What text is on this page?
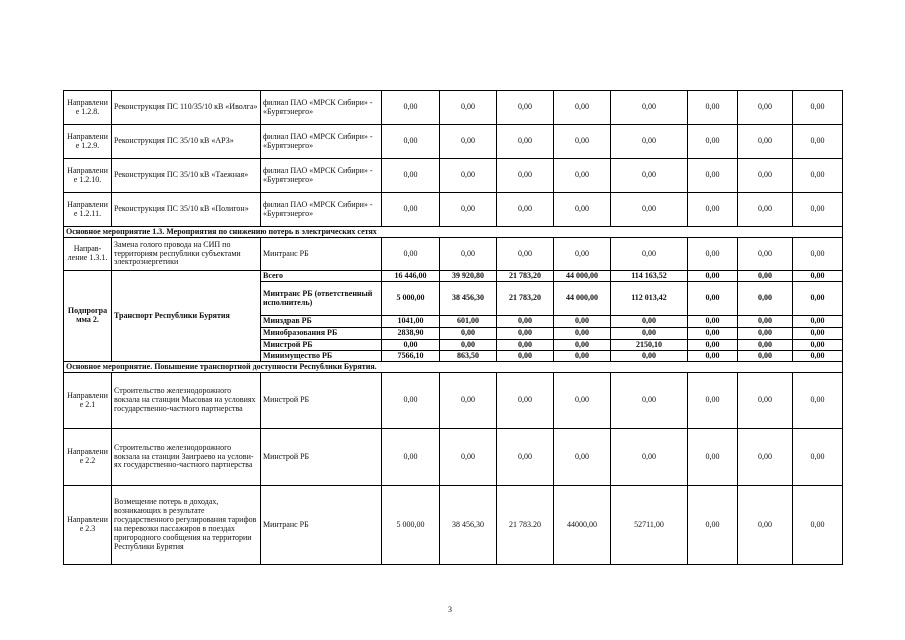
Направлени е 1.2.8.	Реконструкция ПС 110/35/10 кВ «Иволга»	филиал ПАО «МРСК Сибири» - «Бурятэнерго»	0,00	0,00	0,00	0,00	0,00	0,00	0,00	0,00
Направлени е 1.2.9.	Реконструкция ПС 35/10 кВ «АРЗ»	филиал ПАО «МРСК Сибири» - «Бурятэнерго»	0,00	0,00	0,00	0,00	0,00	0,00	0,00	0,00
Направлени е 1.2.10.	Реконструкция ПС 35/10 кВ «Таежная»	филиал ПАО «МРСК Сибири» - «Бурятэнерго»	0,00	0,00	0,00	0,00	0,00	0,00	0,00	0,00
Направлени е 1.2.11.	Реконструкция ПС 35/10 кВ «Полигон»	филиал ПАО «МРСК Сибири» - «Бурятэнерго»	0,00	0,00	0,00	0,00	0,00	0,00	0,00	0,00
Основное мероприятие 1.3. Мероприятия по снижению потерь в электрических сетях										
Направ- ление 1.3.1.	Замена голого провода на СИП по территориям республики субъектами электроэнергетики	Минтранс РБ	0,00	0,00	0,00	0,00	0,00	0,00	0,00	0,00
Подпрогра мма 2.	Транспорт Республики Бурятия	Всего	16 446,00	39 920,80	21 783,20	44 000,00	114 163,52	0,00	0,00	0,00
		Минтранс РБ (ответственный исполнитель)	5 000,00	38 456,30	21 783,20	44 000,00	112 013,42	0,00	0,00	0,00
		Минздрав РБ	1041,00	601,00	0,00	0,00	0,00	0,00	0,00	0,00
		Минобразования РБ	2838,90	0,00	0,00	0,00	0,00	0,00	0,00	0,00
		Минстрой РБ	0,00	0,00	0,00	0,00	2150,10	0,00	0,00	0,00
		Минимущество РБ	7566,10	863,50	0,00	0,00	0,00	0,00	0,00	0,00
Основное мероприятие. Повышение транспортной доступности Республики Бурятия.										
Направлени е 2.1	Строительство железнодорожного вокзала на станции Мысовая на условиях государственно-частного партнерства	Минстрой РБ	0,00	0,00	0,00	0,00	0,00	0,00	0,00	0,00
Направлени е 2.2	Строительство железнодорожного вокзала на станции Заиграево на услови-ях государственно-частного партнерства	Минстрой РБ	0,00	0,00	0,00	0,00	0,00	0,00	0,00	0,00
Направлени е 2.3	Возмещение потерь в доходах, возникающих в результате государственного регулирования тарифов на перевозки пассажиров в поездах пригородного сообщения на территории Республики Бурятия	Минтранс РБ	5 000,00	38 456,30	21 783.20	44000,00	52711,00	0,00	0,00	0,00
3
